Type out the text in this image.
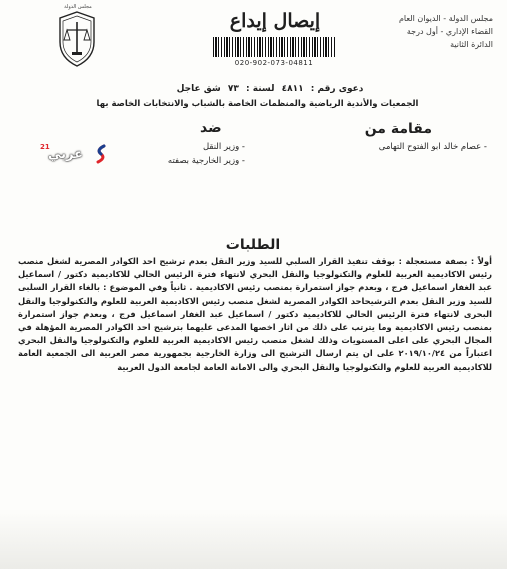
مجلس الدولة - الديوان العام
القضاء الإداري - أول درجة
الدائرة الثانية
إيصال إيداع
020-902-073-04811
مجلس الدولة
دعوى رقم : ٤٨١١ لسنة : ٧٣ شق عاجل
الجمعيات والأندية الرياضية والمنظمات الخاصة بالشباب والانتخابات الخاصة بها
مقامة من
- عصام خالد ابو الفتوح التهامى
ضد
- وزير النقل
- وزير الخارجية بصفته
21
عربي
الطلبات

أولاً : بصفة مستعجلة : بوقف تنفيذ القرار السلبي للسيد وزير النقل بعدم ترشيح احد الكوادر المصرية لشغل منصب رئيس الاكاديمية العربية للعلوم والتكنولوجيا والنقل البحري لانتهاء فترة الرئيس الحالي للاكاديمية دكتور / اسماعيل عبد الغفار اسماعيل فرج ، وبعدم جواز استمرارة بمنصب رئيس الاكاديمية . ثانياً وفي الموضوع : بالغاء القرار السلبى للسيد وزير النقل بعدم الترشيحاحد الكوادر المصرية لشغل منصب رئيس الاكاديمية العربية للعلوم والتكنولوجيا والنقل البحرى لانتهاء فترة الرئيس الحالي للاكاديمية دكتور / اسماعيل عبد الغفار اسماعيل فرج ، وبعدم جواز استمرارة بمنصب رئيس الاكاديمية وما يترتب على ذلك من اثار اخصها المدعى عليهما بترشيح احد الكوادر المصرية المؤهلة في المجال البحري على اعلى المستويات وذلك لشغل منصب رئيس الاكاديمية العربية للعلوم والتكنولوجيا والنقل البحري اعتباراً من ٢٠١٩/١٠/٢٤ على ان يتم ارسال الترشيح الى وزارة الخارجية بجمهورية مصر العربية الى الجمعية العامة للاكاديمية العربية للعلوم والتكنولوجيا والنقل البحري والى الامانة العامة لجامعة الدول العربية
